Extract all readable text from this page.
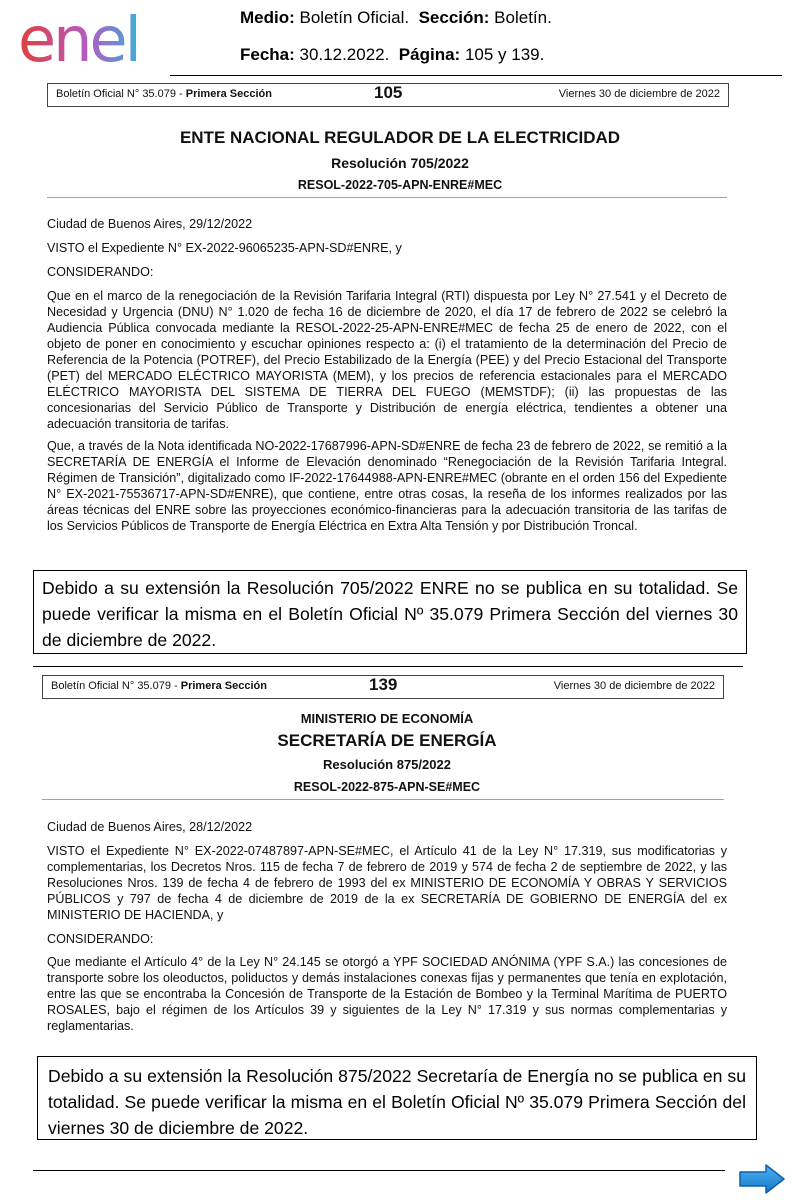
enel	Medio: Boletín Oficial. Sección: Boletín.
Fecha: 30.12.2022. Página: 105 y 139.
Boletín Oficial N° 35.079 - Primera Sección	105	Viernes 30 de diciembre de 2022
ENTE NACIONAL REGULADOR DE LA ELECTRICIDAD
Resolución 705/2022
RESOL-2022-705-APN-ENRE#MEC
Ciudad de Buenos Aires, 29/12/2022
VISTO el Expediente N° EX-2022-96065235-APN-SD#ENRE, y
CONSIDERANDO:
Que en el marco de la renegociación de la Revisión Tarifaria Integral (RTI) dispuesta por Ley N° 27.541 y el Decreto de Necesidad y Urgencia (DNU) N° 1.020 de fecha 16 de diciembre de 2020, el día 17 de febrero de 2022 se celebró la Audiencia Pública convocada mediante la RESOL-2022-25-APN-ENRE#MEC de fecha 25 de enero de 2022, con el objeto de poner en conocimiento y escuchar opiniones respecto a: (i) el tratamiento de la determinación del Precio de Referencia de la Potencia (POTREF), del Precio Estabilizado de la Energía (PEE) y del Precio Estacional del Transporte (PET) del MERCADO ELÉCTRICO MAYORISTA (MEM), y los precios de referencia estacionales para el MERCADO ELÉCTRICO MAYORISTA DEL SISTEMA DE TIERRA DEL FUEGO (MEMSTDF); (ii) las propuestas de las concesionarias del Servicio Público de Transporte y Distribución de energía eléctrica, tendientes a obtener una adecuación transitoria de tarifas.
Que, a través de la Nota identificada NO-2022-17687996-APN-SD#ENRE de fecha 23 de febrero de 2022, se remitió a la SECRETARÍA DE ENERGÍA el Informe de Elevación denominado “Renegociación de la Revisión Tarifaria Integral. Régimen de Transición”, digitalizado como IF-2022-17644988-APN-ENRE#MEC (obrante en el orden 156 del Expediente N° EX-2021-75536717-APN-SD#ENRE), que contiene, entre otras cosas, la reseña de los informes realizados por las áreas técnicas del ENRE sobre las proyecciones económico-financieras para la adecuación transitoria de las tarifas de los Servicios Públicos de Transporte de Energía Eléctrica en Extra Alta Tensión y por Distribución Troncal.
Debido a su extensión la Resolución 705/2022 ENRE no se publica en su totalidad. Se puede verificar la misma en el Boletín Oficial Nº 35.079 Primera Sección del viernes 30 de diciembre de 2022.
Boletín Oficial N° 35.079 - Primera Sección	139	Viernes 30 de diciembre de 2022
MINISTERIO DE ECONOMÍA
SECRETARÍA DE ENERGÍA
Resolución 875/2022
RESOL-2022-875-APN-SE#MEC
Ciudad de Buenos Aires, 28/12/2022
VISTO el Expediente N° EX-2022-07487897-APN-SE#MEC, el Artículo 41 de la Ley N° 17.319, sus modificatorias y complementarias, los Decretos Nros. 115 de fecha 7 de febrero de 2019 y 574 de fecha 2 de septiembre de 2022, y las Resoluciones Nros. 139 de fecha 4 de febrero de 1993 del ex MINISTERIO DE ECONOMÍA Y OBRAS Y SERVICIOS PÚBLICOS y 797 de fecha 4 de diciembre de 2019 de la ex SECRETARÍA DE GOBIERNO DE ENERGÍA del ex MINISTERIO DE HACIENDA, y
CONSIDERANDO:
Que mediante el Artículo 4° de la Ley N° 24.145 se otorgó a YPF SOCIEDAD ANÓNIMA (YPF S.A.) las concesiones de transporte sobre los oleoductos, poliductos y demás instalaciones conexas fijas y permanentes que tenía en explotación, entre las que se encontraba la Concesión de Transporte de la Estación de Bombeo y la Terminal Marítima de PUERTO ROSALES, bajo el régimen de los Artículos 39 y siguientes de la Ley N° 17.319 y sus normas complementarias y reglamentarias.
Debido a su extensión la Resolución 875/2022 Secretaría de Energía no se publica en su totalidad. Se puede verificar la misma en el Boletín Oficial Nº 35.079 Primera Sección del viernes 30 de diciembre de 2022.
